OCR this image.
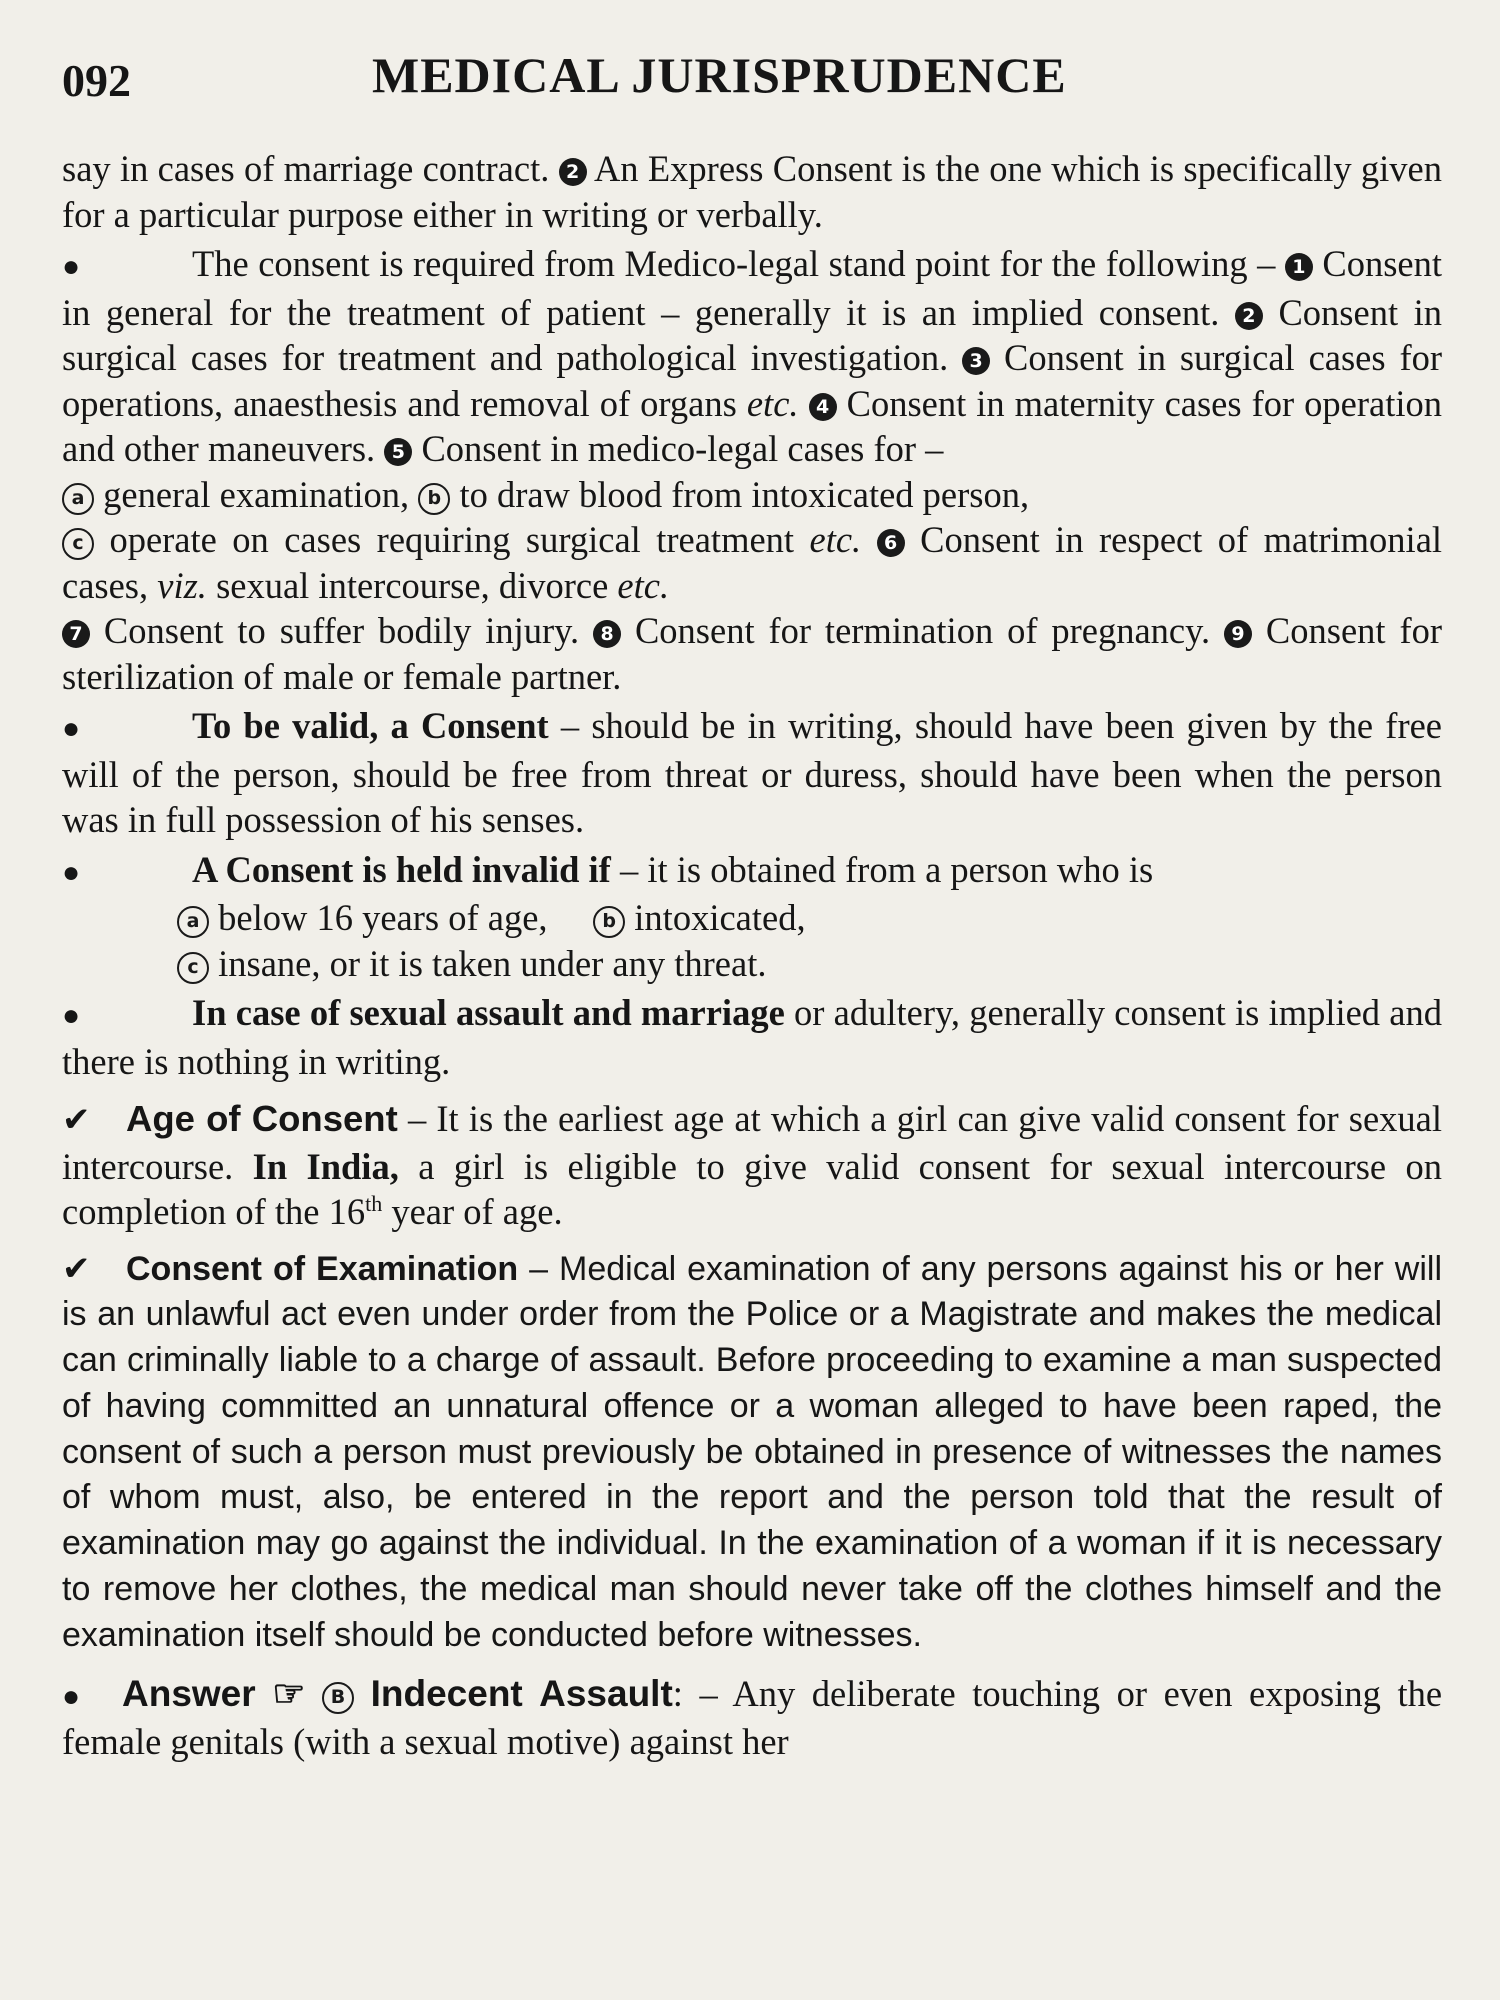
092	MEDICAL JURISPRUDENCE

say in cases of marriage contract. 2 An Express Consent is the one which is specifically given for a particular purpose either in writing or verbally.

●	The consent is required from Medico-legal stand point for the following – 1 Consent in general for the treatment of patient – generally it is an implied consent. 2 Consent in surgical cases for treatment and pathological investigation. 3 Consent in surgical cases for operations, anaesthesis and removal of organs etc. 4 Consent in maternity cases for operation and other maneuvers. 5 Consent in medico-legal cases for –
a general examination, b to draw blood from intoxicated person,
c operate on cases requiring surgical treatment etc. 6 Consent in respect of matrimonial cases, viz. sexual intercourse, divorce etc.
7 Consent to suffer bodily injury. 8 Consent for termination of pregnancy. 9 Consent for sterilization of male or female partner.

●	To be valid, a Consent – should be in writing, should have been given by the free will of the person, should be free from threat or duress, should have been when the person was in full possession of his senses.

●	A Consent is held invalid if – it is obtained from a person who is

a below 16 years of age,	b intoxicated,
c insane, or it is taken under any threat.

●	In case of sexual assault and marriage or adultery, generally consent is implied and there is nothing in writing.

✔ Age of Consent – It is the earliest age at which a girl can give valid consent for sexual intercourse. In India, a girl is eligible to give valid consent for sexual intercourse on completion of the 16th year of age.

✔ Consent of Examination – Medical examination of any persons against his or her will is an unlawful act even under order from the Police or a Magistrate and makes the medical can criminally liable to a charge of assault. Before proceeding to examine a man suspected of having committed an unnatural offence or a woman alleged to have been raped, the consent of such a person must previously be obtained in presence of witnesses the names of whom must, also, be entered in the report and the person told that the result of examination may go against the individual. In the examination of a woman if it is necessary to remove her clothes, the medical man should never take off the clothes himself and the examination itself should be conducted before witnesses.

● Answer ☞ B Indecent Assault: – Any deliberate touching or even exposing the female genitals (with a sexual motive) against her
